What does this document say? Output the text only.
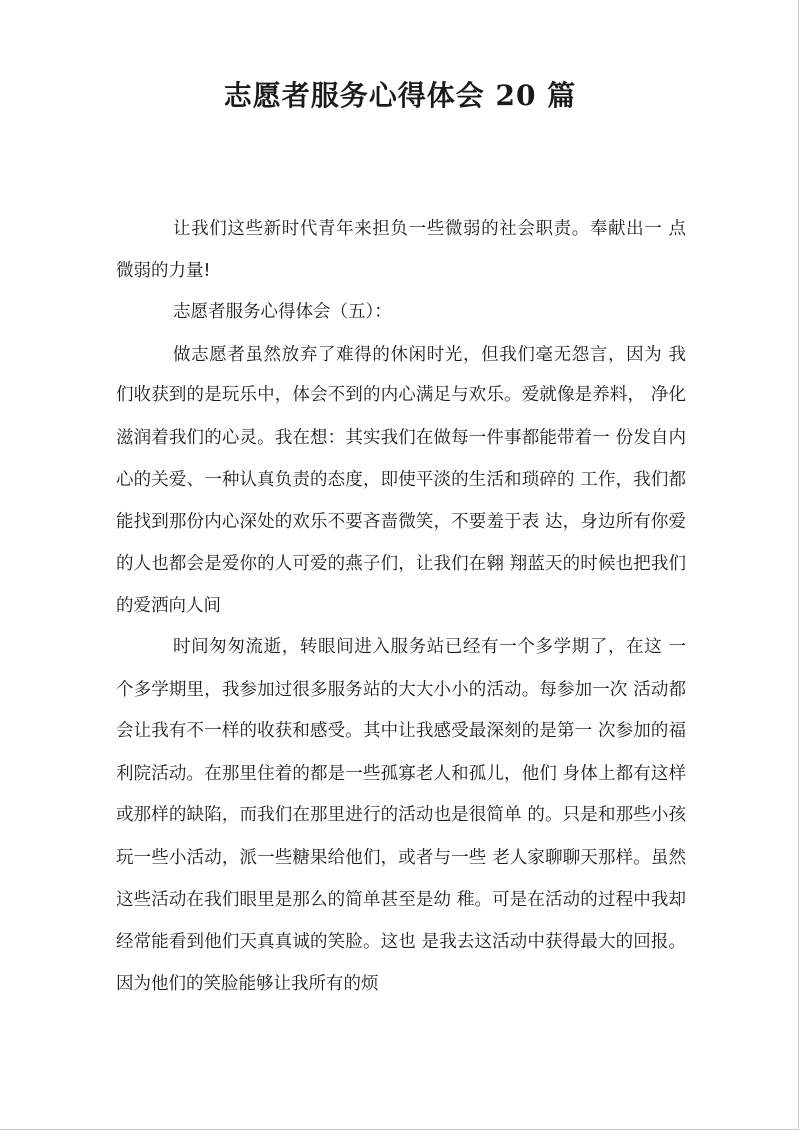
志愿者服务心得体会 20 篇

让我们这些新时代青年来担负一些微弱的社会职责。奉献出一 点

微弱的力量!

志愿者服务心得体会（五）：

做志愿者虽然放弃了难得的休闲时光，但我们毫无怨言，因为 我

们收获到的是玩乐中，体会不到的内心满足与欢乐。爱就像是养料， 净化

滋润着我们的心灵。我在想：其实我们在做每一件事都能带着一 份发自内

心的关爱、一种认真负责的态度，即使平淡的生活和琐碎的 工作，我们都

能找到那份内心深处的欢乐不要吝啬微笑，不要羞于表 达，身边所有你爱

的人也都会是爱你的人可爱的燕子们，让我们在翱 翔蓝天的时候也把我们

的爱洒向人间

时间匆匆流逝，转眼间进入服务站已经有一个多学期了，在这 一

个多学期里，我参加过很多服务站的大大小小的活动。每参加一次 活动都

会让我有不一样的收获和感受。其中让我感受最深刻的是第一 次参加的福

利院活动。在那里住着的都是一些孤寡老人和孤儿，他们 身体上都有这样

或那样的缺陷，而我们在那里进行的活动也是很简单 的。只是和那些小孩

玩一些小活动，派一些糖果给他们，或者与一些 老人家聊聊天那样。虽然

这些活动在我们眼里是那么的简单甚至是幼 稚。可是在活动的过程中我却

经常能看到他们天真真诚的笑脸。这也 是我去这活动中获得最大的回报。

因为他们的笑脸能够让我所有的烦
